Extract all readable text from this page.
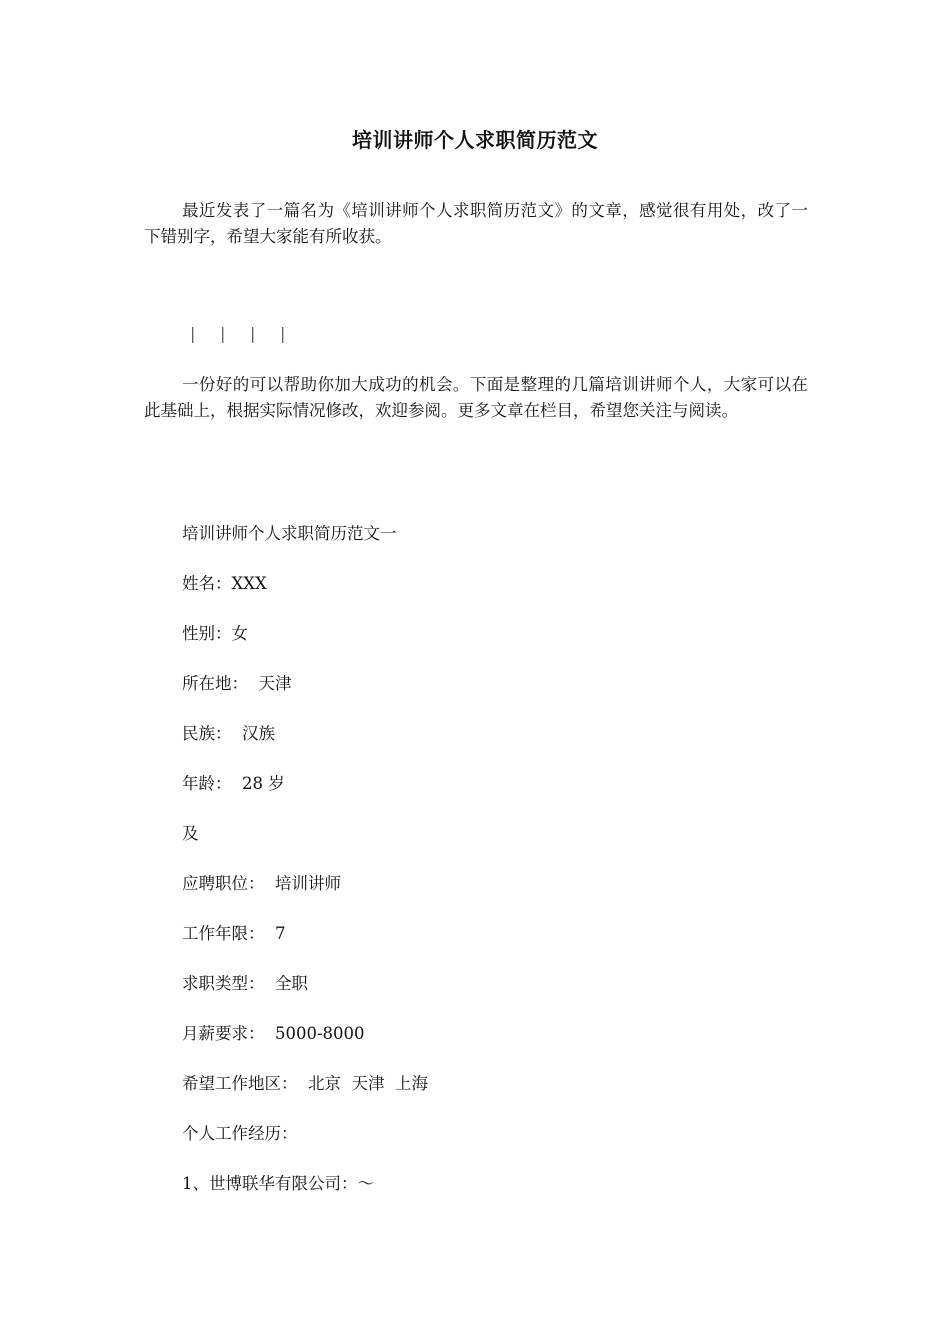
培训讲师个人求职简历范文
最近发表了一篇名为《培训讲师个人求职简历范文》的文章，感觉很有用处，改了一下错别字，希望大家能有所收获。
| | | |
一份好的可以帮助你加大成功的机会。下面是整理的几篇培训讲师个人，大家可以在此基础上，根据实际情况修改，欢迎参阅。更多文章在栏目，希望您关注与阅读。
培训讲师个人求职简历范文一
姓名：XXX
性别：女
所在地：  天津
民族：  汉族
年龄：  28 岁
及
应聘职位：  培训讲师
工作年限：  7
求职类型：  全职
月薪要求：  5000-8000
希望工作地区：  北京  天津  上海
个人工作经历：
1、世博联华有限公司：～
